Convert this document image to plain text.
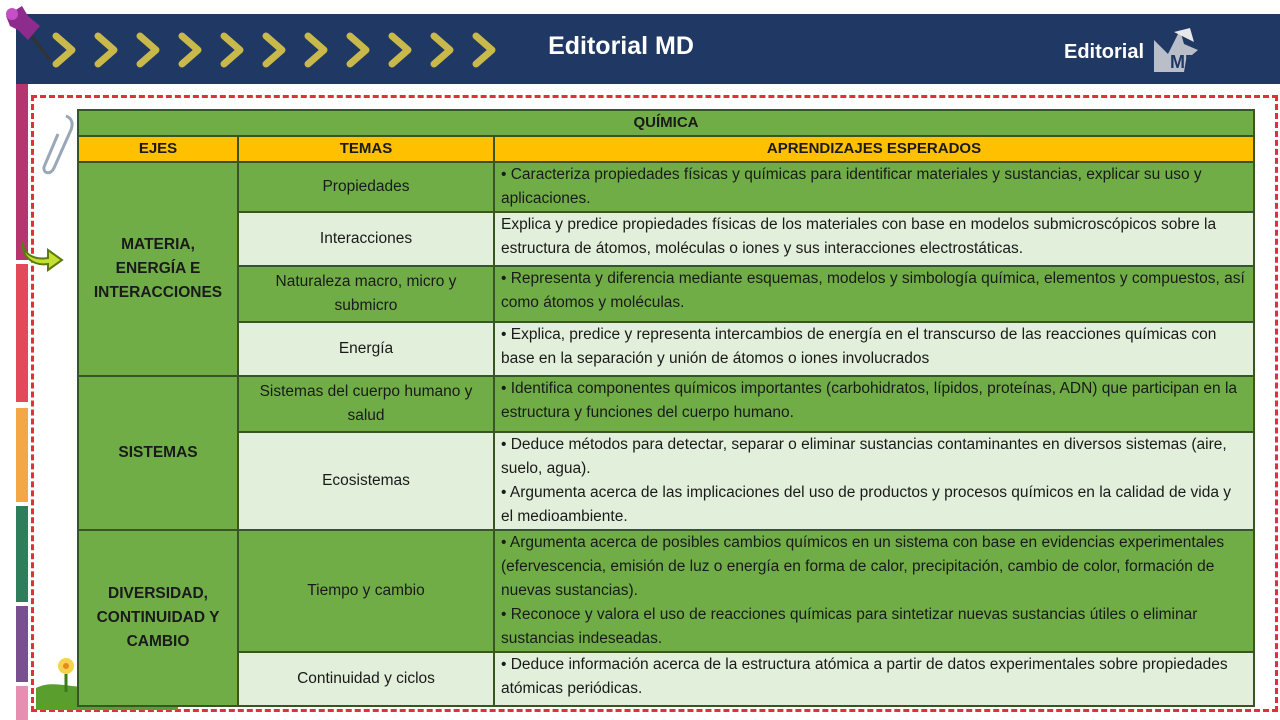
Editorial MD	Editorial MD
QUÍMICA		
EJES	TEMAS	APRENDIZAJES ESPERADOS
MATERIA, ENERGÍA E INTERACCIONES	Propiedades	• Caracteriza propiedades físicas y químicas para identificar materiales y sustancias, explicar su uso y aplicaciones.

	Interacciones	Explica y predice propiedades físicas de los materiales con base en modelos submicroscópicos sobre la estructura de átomos, moléculas o iones y sus interacciones electrostáticas.

	Naturaleza macro, micro y submicro	• Representa y diferencia mediante esquemas, modelos y simbología química, elementos y compuestos, así como átomos y moléculas.

	Energía	• Explica, predice y representa intercambios de energía en el transcurso de las reacciones químicas con base en la separación y unión de átomos o iones involucrados

SISTEMAS	Sistemas del cuerpo humano y salud	• Identifica componentes químicos importantes (carbohidratos, lípidos, proteínas, ADN) que participan en la estructura y funciones del cuerpo humano.

	Ecosistemas	• Deduce métodos para detectar, separar o eliminar sustancias contaminantes en diversos sistemas (aire, suelo, agua).

• Argumenta acerca de las implicaciones del uso de productos y procesos químicos en la calidad de vida y el medioambiente.

DIVERSIDAD, CONTINUIDAD Y CAMBIO	Tiempo y cambio	• Argumenta acerca de posibles cambios químicos en un sistema con base en evidencias experimentales (efervescencia, emisión de luz o energía en forma de calor, precipitación, cambio de color, formación de nuevas sustancias).

• Reconoce y valora el uso de reacciones químicas para sintetizar nuevas sustancias útiles o eliminar sustancias indeseadas.

	Continuidad y ciclos	• Deduce información acerca de la estructura atómica a partir de datos experimentales sobre propiedades atómicas periódicas.
